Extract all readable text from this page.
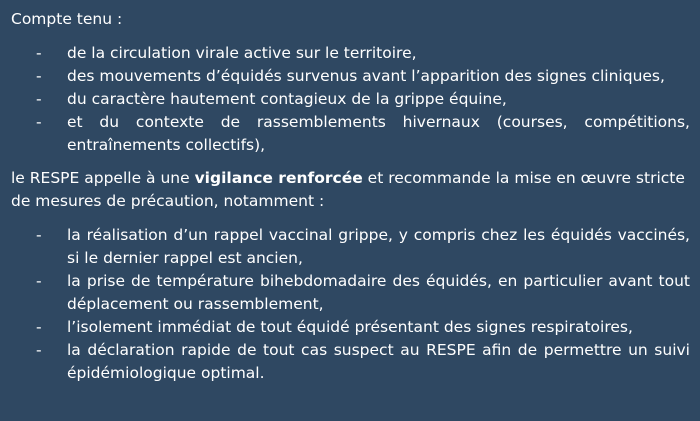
Compte tenu :

- de la circulation virale active sur le territoire,
- des mouvements d’équidés survenus avant l’apparition des signes cliniques,
- du caractère hautement contagieux de la grippe équine,
- et du contexte de rassemblements hivernaux (courses, compétitions, entraînements collectifs),

le RESPE appelle à une vigilance renforcée et recommande la mise en œuvre stricte de mesures de précaution, notamment :

- la réalisation d’un rappel vaccinal grippe, y compris chez les équidés vaccinés, si le dernier rappel est ancien,
- la prise de température bihebdomadaire des équidés, en particulier avant tout déplacement ou rassemblement,
- l’isolement immédiat de tout équidé présentant des signes respiratoires,
- la déclaration rapide de tout cas suspect au RESPE afin de permettre un suivi épidémiologique optimal.
